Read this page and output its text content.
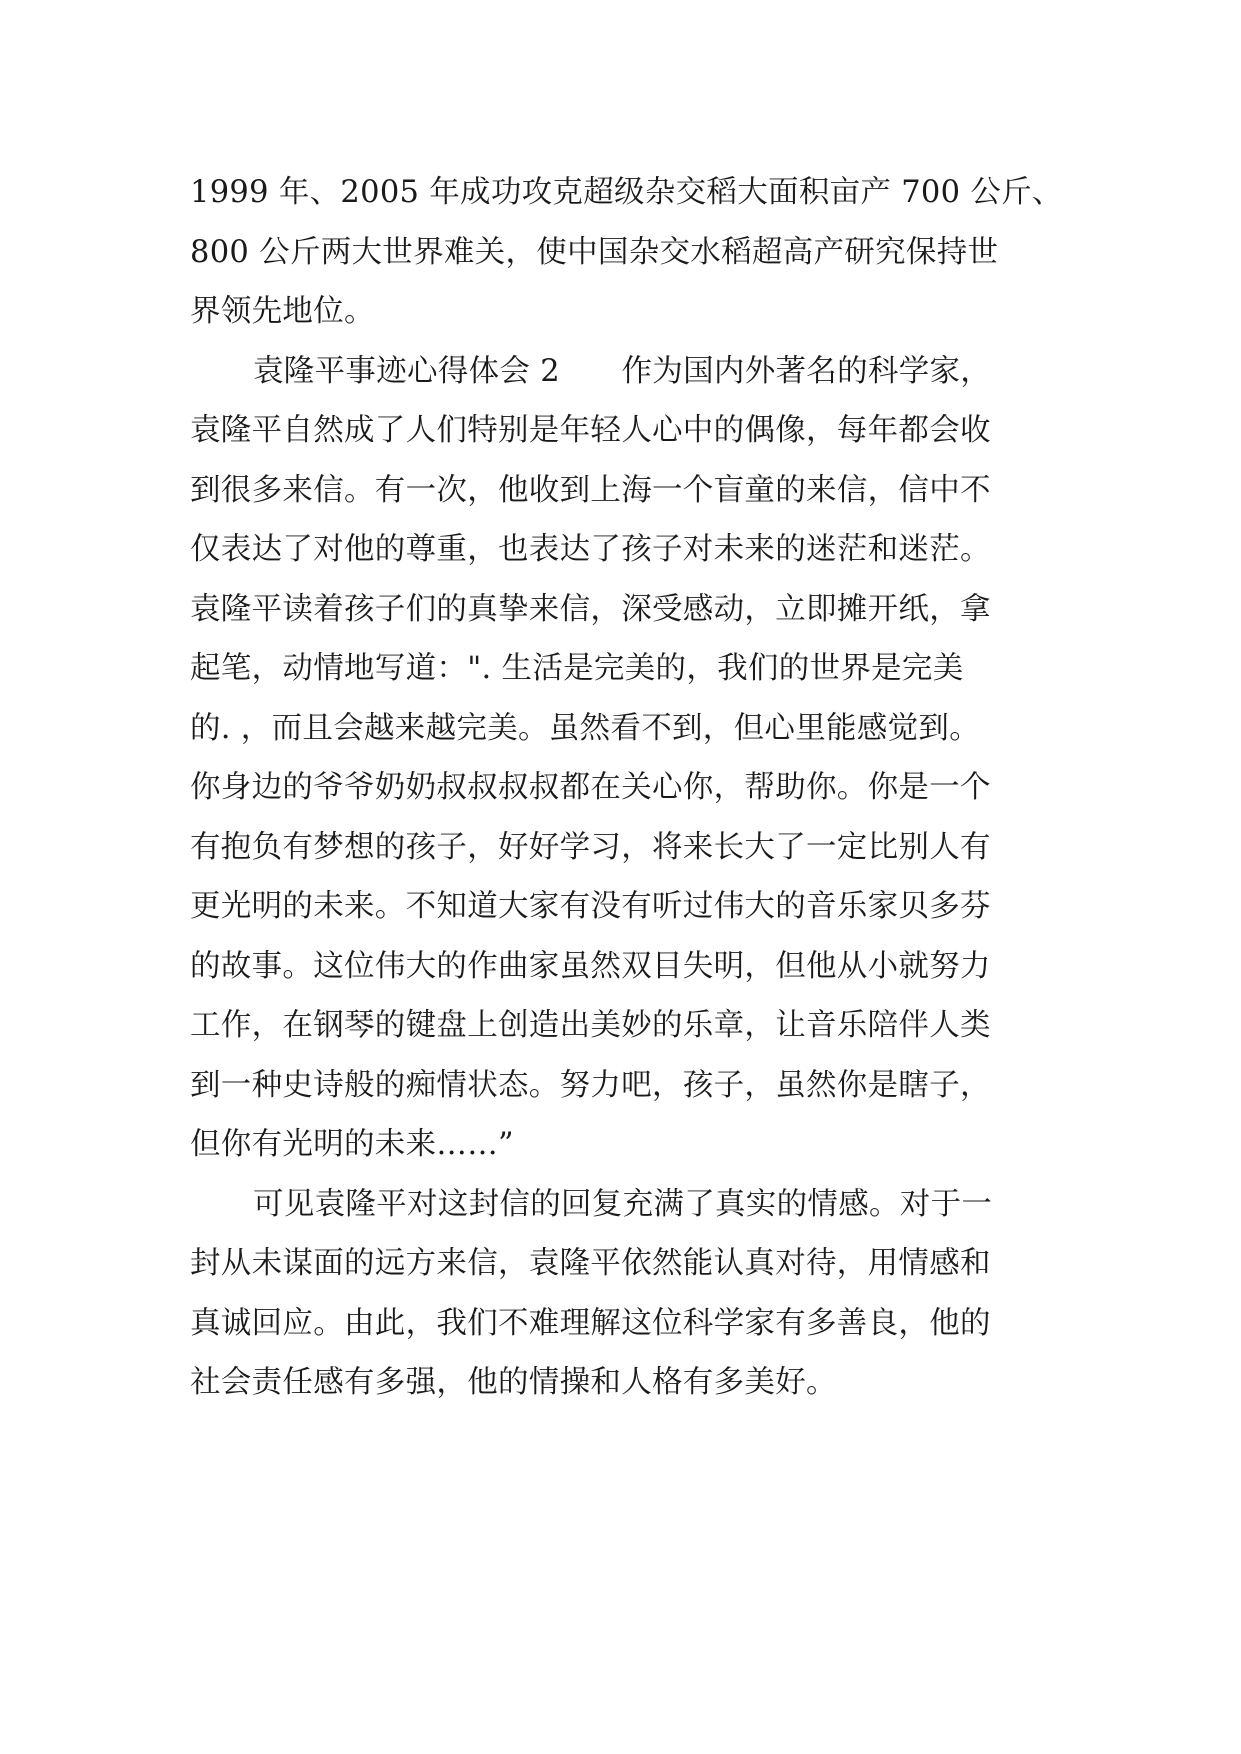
1999 年、2005 年成功攻克超级杂交稻大面积亩产 700 公斤、
800 公斤两大世界难关，使中国杂交水稻超高产研究保持世
界领先地位。
袁隆平事迹心得体会 2　　作为国内外著名的科学家，
袁隆平自然成了人们特别是年轻人心中的偶像，每年都会收
到很多来信。有一次，他收到上海一个盲童的来信，信中不
仅表达了对他的尊重，也表达了孩子对未来的迷茫和迷茫。
袁隆平读着孩子们的真挚来信，深受感动，立即摊开纸，拿
起笔，动情地写道：". 生活是完美的，我们的世界是完美
的. ，而且会越来越完美。虽然看不到，但心里能感觉到。
你身边的爷爷奶奶叔叔叔叔都在关心你，帮助你。你是一个
有抱负有梦想的孩子，好好学习，将来长大了一定比别人有
更光明的未来。不知道大家有没有听过伟大的音乐家贝多芬
的故事。这位伟大的作曲家虽然双目失明，但他从小就努力
工作，在钢琴的键盘上创造出美妙的乐章，让音乐陪伴人类
到一种史诗般的痴情状态。努力吧，孩子，虽然你是瞎子，
但你有光明的未来……”
可见袁隆平对这封信的回复充满了真实的情感。对于一
封从未谋面的远方来信，袁隆平依然能认真对待，用情感和
真诚回应。由此，我们不难理解这位科学家有多善良，他的
社会责任感有多强，他的情操和人格有多美好。
